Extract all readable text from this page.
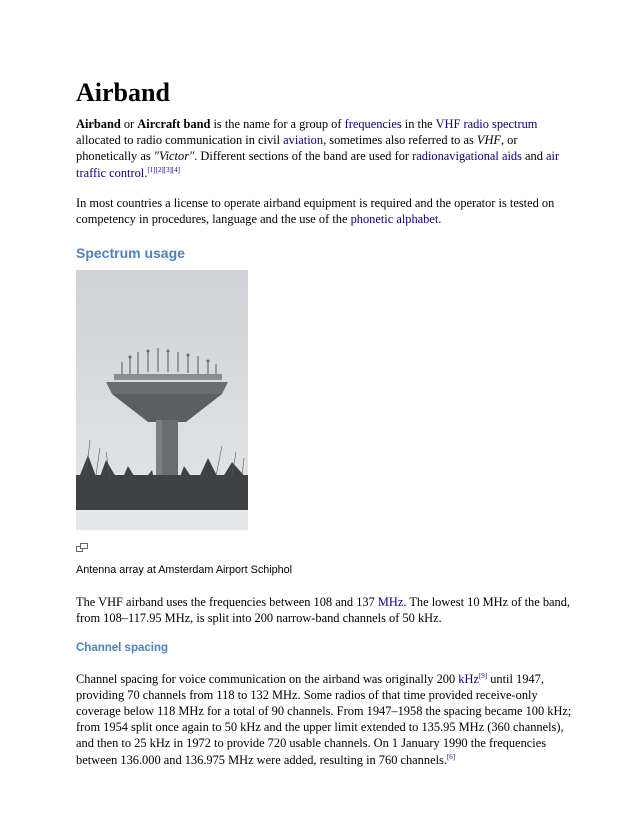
Airband

Airband or Aircraft band is the name for a group of frequencies in the VHF radio spectrum allocated to radio communication in civil aviation, sometimes also referred to as VHF, or phonetically as "Victor". Different sections of the band are used for radionavigational aids and air traffic control.[1][2][3][4]

In most countries a license to operate airband equipment is required and the operator is tested on competency in procedures, language and the use of the phonetic alphabet.

Spectrum usage

Antenna array at Amsterdam Airport Schiphol

The VHF airband uses the frequencies between 108 and 137 MHz. The lowest 10 MHz of the band, from 108–117.95 MHz, is split into 200 narrow-band channels of 50 kHz.

Channel spacing

Channel spacing for voice communication on the airband was originally 200 kHz[9] until 1947, providing 70 channels from 118 to 132 MHz. Some radios of that time provided receive-only coverage below 118 MHz for a total of 90 channels. From 1947–1958 the spacing became 100 kHz; from 1954 split once again to 50 kHz and the upper limit extended to 135.95 MHz (360 channels), and then to 25 kHz in 1972 to provide 720 usable channels. On 1 January 1990 the frequencies between 136.000 and 136.975 MHz were added, resulting in 760 channels.[6]
